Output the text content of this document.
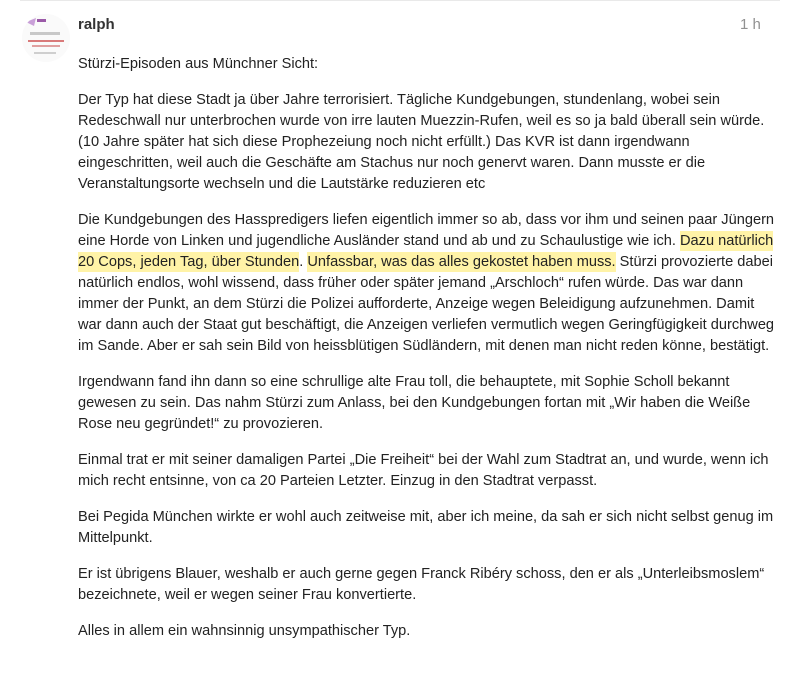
ralph	1 h

Stürzi-Episoden aus Münchner Sicht:

Der Typ hat diese Stadt ja über Jahre terrorisiert. Tägliche Kundgebungen, stundenlang, wobei sein Redeschwall nur unterbrochen wurde von irre lauten Muezzin-Rufen, weil es so ja bald überall sein würde. (10 Jahre später hat sich diese Prophezeiung noch nicht erfüllt.) Das KVR ist dann irgendwann eingeschritten, weil auch die Geschäfte am Stachus nur noch genervt waren. Dann musste er die Veranstaltungsorte wechseln und die Lautstärke reduzieren etc

Die Kundgebungen des Hasspredigers liefen eigentlich immer so ab, dass vor ihm und seinen paar Jüngern eine Horde von Linken und jugendliche Ausländer stand und ab und zu Schaulustige wie ich. Dazu natürlich 20 Cops, jeden Tag, über Stunden. Unfassbar, was das alles gekostet haben muss. Stürzi provozierte dabei natürlich endlos, wohl wissend, dass früher oder später jemand „Arschloch“ rufen würde. Das war dann immer der Punkt, an dem Stürzi die Polizei aufforderte, Anzeige wegen Beleidigung aufzunehmen. Damit war dann auch der Staat gut beschäftigt, die Anzeigen verliefen vermutlich wegen Geringfügigkeit durchweg im Sande. Aber er sah sein Bild von heissblütigen Südländern, mit denen man nicht reden könne, bestätigt.

Irgendwann fand ihn dann so eine schrullige alte Frau toll, die behauptete, mit Sophie Scholl bekannt gewesen zu sein. Das nahm Stürzi zum Anlass, bei den Kundgebungen fortan mit „Wir haben die Weiße Rose neu gegründet!“ zu provozieren.

Einmal trat er mit seiner damaligen Partei „Die Freiheit“ bei der Wahl zum Stadtrat an, und wurde, wenn ich mich recht entsinne, von ca 20 Parteien Letzter. Einzug in den Stadtrat verpasst.

Bei Pegida München wirkte er wohl auch zeitweise mit, aber ich meine, da sah er sich nicht selbst genug im Mittelpunkt.

Er ist übrigens Blauer, weshalb er auch gerne gegen Franck Ribéry schoss, den er als „Unterleibsmoslem“ bezeichnete, weil er wegen seiner Frau konvertierte.

Alles in allem ein wahnsinnig unsympathischer Typ.
